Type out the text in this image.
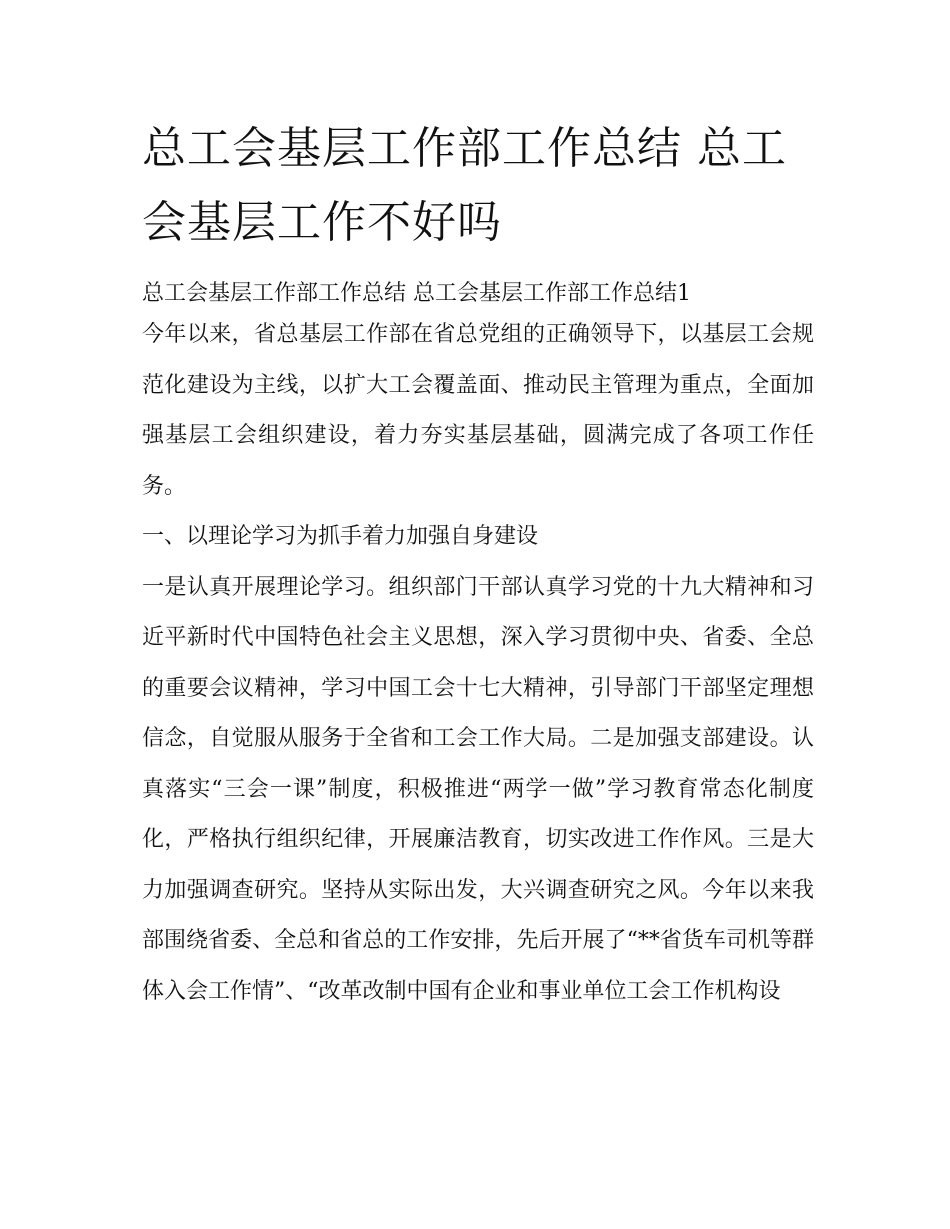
总工会基层工作部工作总结 总工会基层工作不好吗

总工会基层工作部工作总结 总工会基层工作部工作总结1

今年以来，省总基层工作部在省总党组的正确领导下，以基层工会规范化建设为主线，以扩大工会覆盖面、推动民主管理为重点，全面加强基层工会组织建设，着力夯实基层基础，圆满完成了各项工作任务。

一、以理论学习为抓手着力加强自身建设

一是认真开展理论学习。组织部门干部认真学习党的十九大精神和习近平新时代中国特色社会主义思想，深入学习贯彻中央、省委、全总的重要会议精神，学习中国工会十七大精神，引导部门干部坚定理想信念，自觉服从服务于全省和工会工作大局。二是加强支部建设。认真落实“三会一课”制度，积极推进“两学一做”学习教育常态化制度化，严格执行组织纪律，开展廉洁教育，切实改进工作作风。三是大力加强调查研究。坚持从实际出发，大兴调查研究之风。今年以来我部围绕省委、全总和省总的工作安排，先后开展了“**省货车司机等群体入会工作情”、“改革改制中国有企业和事业单位工会工作机构设
